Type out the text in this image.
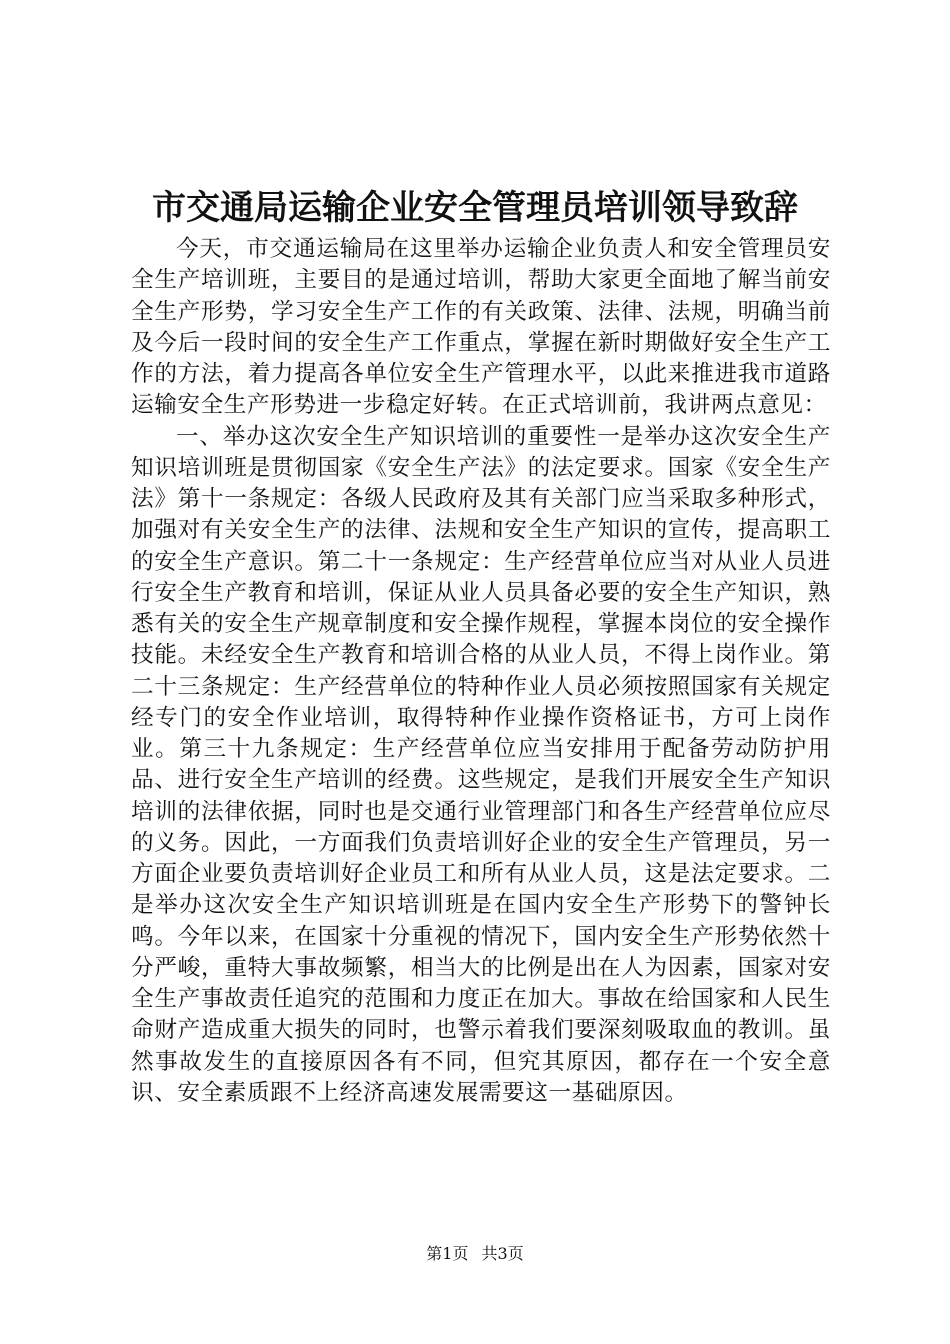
市交通局运输企业安全管理员培训领导致辞

今天，市交通运输局在这里举办运输企业负责人和安全管理员安全生产培训班，主要目的是通过培训，帮助大家更全面地了解当前安全生产形势，学习安全生产工作的有关政策、法律、法规，明确当前及今后一段时间的安全生产工作重点，掌握在新时期做好安全生产工作的方法，着力提高各单位安全生产管理水平，以此来推进我市道路运输安全生产形势进一步稳定好转。在正式培训前，我讲两点意见：

一、举办这次安全生产知识培训的重要性一是举办这次安全生产知识培训班是贯彻国家《安全生产法》的法定要求。国家《安全生产法》第十一条规定：各级人民政府及其有关部门应当采取多种形式，加强对有关安全生产的法律、法规和安全生产知识的宣传，提高职工的安全生产意识。第二十一条规定：生产经营单位应当对从业人员进行安全生产教育和培训，保证从业人员具备必要的安全生产知识，熟悉有关的安全生产规章制度和安全操作规程，掌握本岗位的安全操作技能。未经安全生产教育和培训合格的从业人员，不得上岗作业。第二十三条规定：生产经营单位的特种作业人员必须按照国家有关规定经专门的安全作业培训，取得特种作业操作资格证书，方可上岗作业。第三十九条规定：生产经营单位应当安排用于配备劳动防护用品、进行安全生产培训的经费。这些规定，是我们开展安全生产知识培训的法律依据，同时也是交通行业管理部门和各生产经营单位应尽的义务。因此，一方面我们负责培训好企业的安全生产管理员，另一方面企业要负责培训好企业员工和所有从业人员，这是法定要求。二是举办这次安全生产知识培训班是在国内安全生产形势下的警钟长鸣。今年以来，在国家十分重视的情况下，国内安全生产形势依然十分严峻，重特大事故频繁，相当大的比例是出在人为因素，国家对安全生产事故责任追究的范围和力度正在加大。事故在给国家和人民生命财产造成重大损失的同时，也警示着我们要深刻吸取血的教训。虽然事故发生的直接原因各有不同，但究其原因，都存在一个安全意识、安全素质跟不上经济高速发展需要这一基础原因。

第1页 共3页
